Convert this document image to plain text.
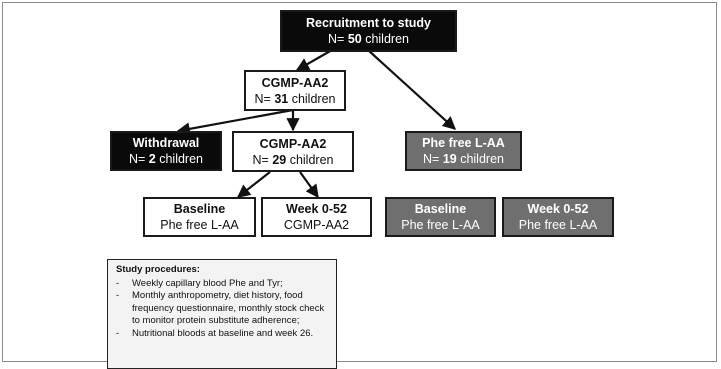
Recruitment to study
N= 50 children
CGMP-AA2
N= 31 children
Withdrawal
N= 2 children
CGMP-AA2
N= 29 children
Phe free L-AA
N= 19 children
Baseline
Phe free L-AA
Week 0-52
CGMP-AA2
Baseline
Phe free L-AA
Week 0-52
Phe free L-AA
Study procedures:
- Weekly capillary blood Phe and Tyr;
- Monthly anthropometry, diet history, food frequency questionnaire, monthly stock check to monitor protein substitute adherence;
- Nutritional bloods at baseline and week 26.
